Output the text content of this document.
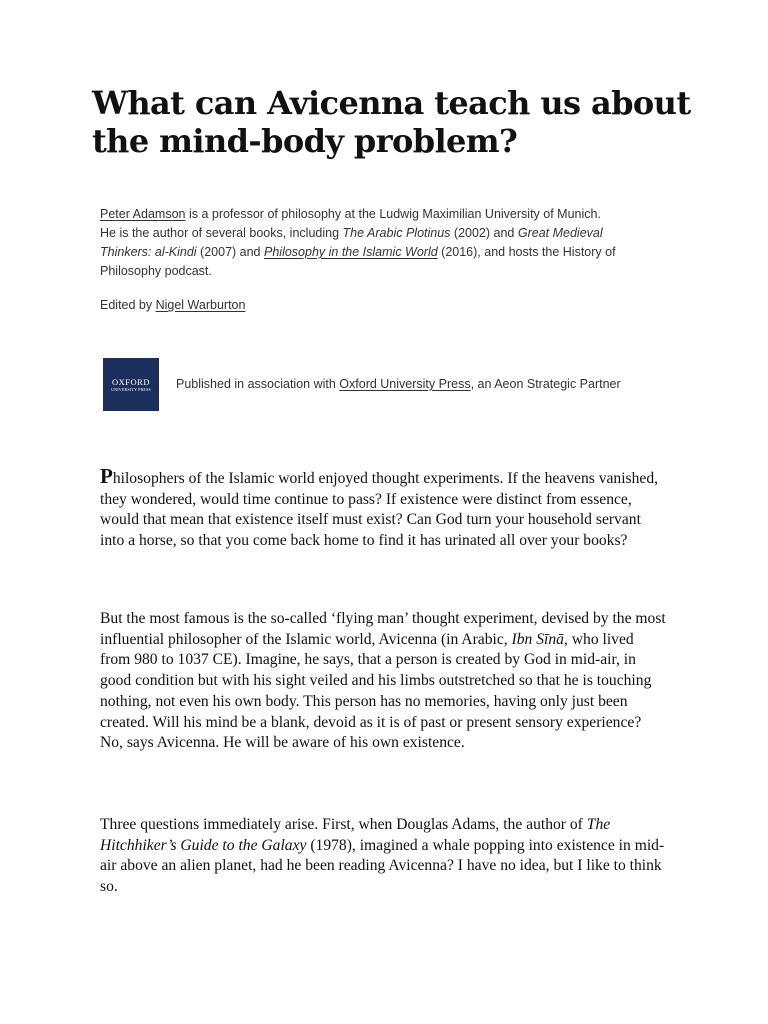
What can Avicenna teach us about the mind-body problem?

Peter Adamson is a professor of philosophy at the Ludwig Maximilian University of Munich. He is the author of several books, including The Arabic Plotinus (2002) and Great Medieval Thinkers: al-Kindi (2007) and Philosophy in the Islamic World (2016), and hosts the History of Philosophy podcast.

Edited by Nigel Warburton

OXFORD
UNIVERSITY PRESS Published in association with Oxford University Press, an Aeon Strategic Partner

Philosophers of the Islamic world enjoyed thought experiments. If the heavens vanished, they wondered, would time continue to pass? If existence were distinct from essence, would that mean that existence itself must exist? Can God turn your household servant into a horse, so that you come back home to find it has urinated all over your books?

But the most famous is the so-called ‘flying man’ thought experiment, devised by the most influential philosopher of the Islamic world, Avicenna (in Arabic, Ibn Sīnā, who lived from 980 to 1037 CE). Imagine, he says, that a person is created by God in mid-air, in good condition but with his sight veiled and his limbs outstretched so that he is touching nothing, not even his own body. This person has no memories, having only just been created. Will his mind be a blank, devoid as it is of past or present sensory experience? No, says Avicenna. He will be aware of his own existence.

Three questions immediately arise. First, when Douglas Adams, the author of The Hitchhiker’s Guide to the Galaxy (1978), imagined a whale popping into existence in mid-air above an alien planet, had he been reading Avicenna? I have no idea, but I like to think so.
